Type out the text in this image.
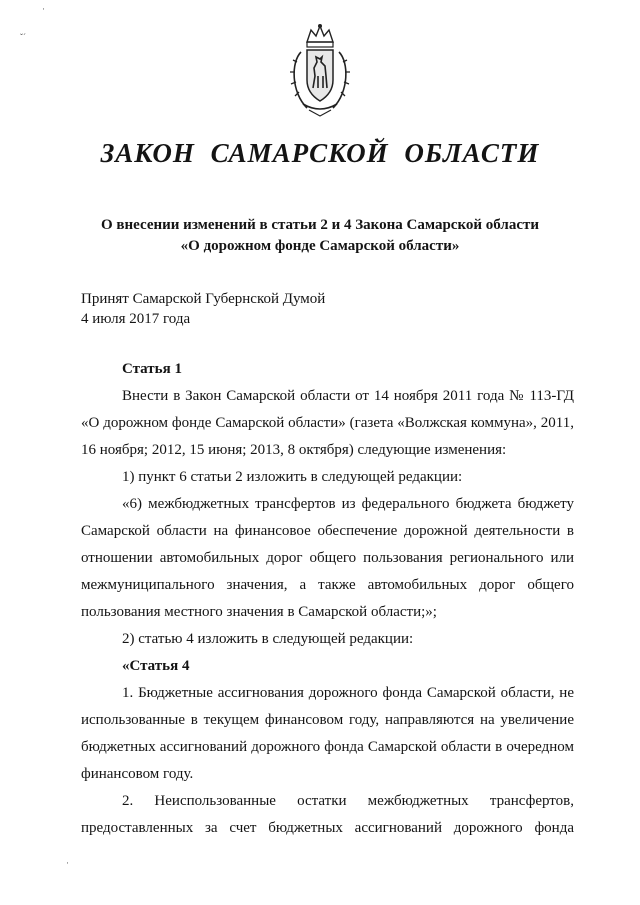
·
ˇ´
·
ЗАКОН САМАРСКОЙ ОБЛАСТИ
О внесении изменений в статьи 2 и 4 Закона Самарской области
«О дорожном фонде Самарской области»
Принят Самарской Губернской Думой
4 июля 2017 года

Статья 1

Внести в Закон Самарской области от 14 ноября 2011 года № 113-ГД «О дорожном фонде Самарской области» (газета «Волжская коммуна», 2011, 16 ноября; 2012, 15 июня; 2013, 8 октября) следующие изменения:

1) пункт 6 статьи 2 изложить в следующей редакции:

«6) межбюджетных трансфертов из федерального бюджета бюджету Самарской области на финансовое обеспечение дорожной деятельности в отношении автомобильных дорог общего пользования регионального или межмуниципального значения, а также автомобильных дорог общего пользования местного значения в Самарской области;»;

2) статью 4 изложить в следующей редакции:

«Статья 4

1. Бюджетные ассигнования дорожного фонда Самарской области, не использованные в текущем финансовом году, направляются на увеличение бюджетных ассигнований дорожного фонда Самарской области в очередном финансовом году.

2. Неиспользованные остатки межбюджетных трансфертов, предоставленных за счет бюджетных ассигнований дорожного фонда
